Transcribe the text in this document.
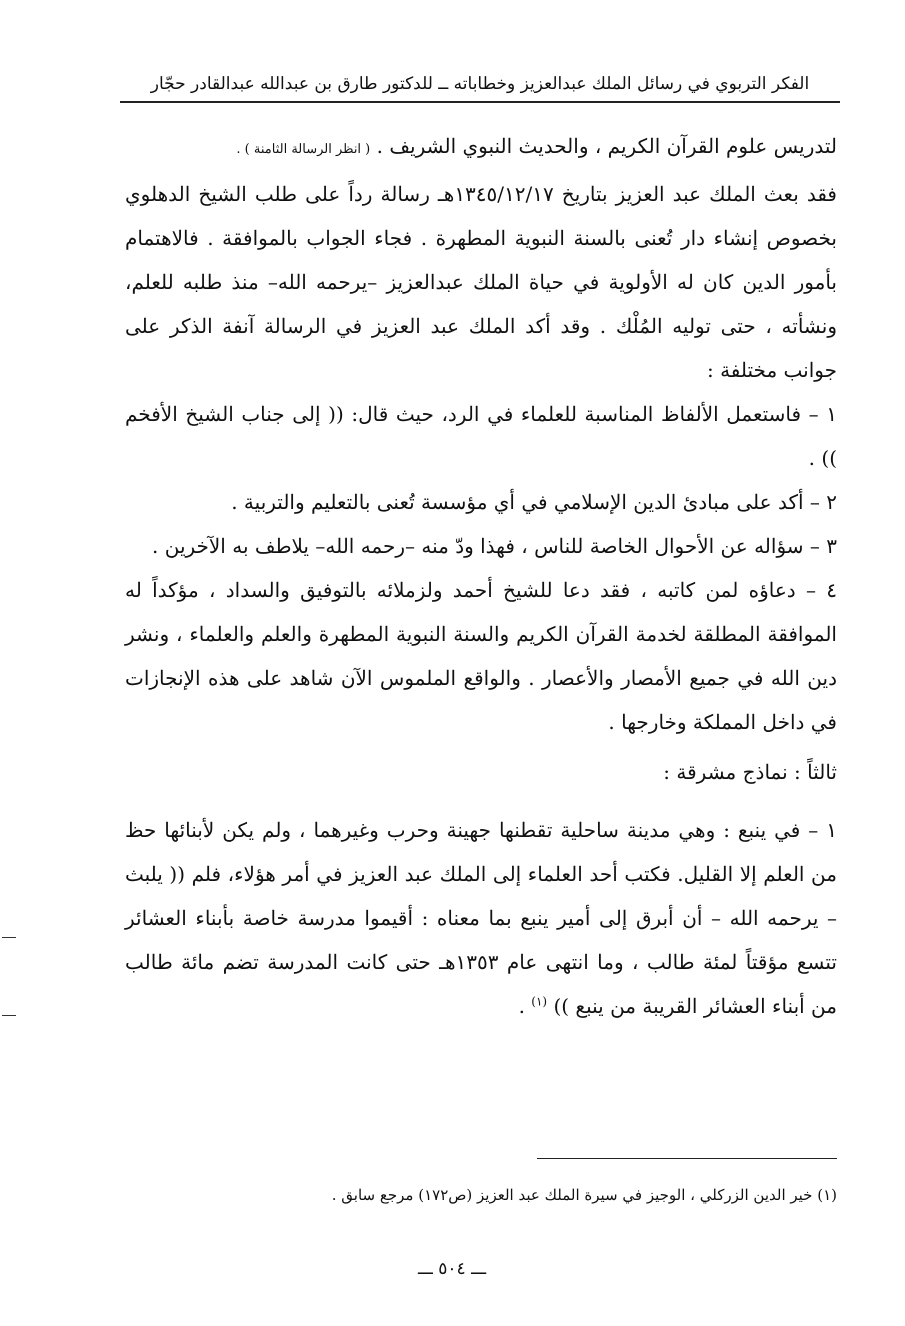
الفكر التربوي في رسائل الملك عبدالعزيز وخطاباته ــ للدكتور طارق بن عبدالله عبدالقادر حجّار

لتدريس علوم القرآن الكريم ، والحديث النبوي الشريف . ( انظر الرسالة الثامنة ) .

فقد بعث الملك عبد العزيز بتاريخ ١٣٤٥/١٢/١٧هـ رسالة رداً على طلب الشيخ الدهلوي بخصوص إنشاء دار تُعنى بالسنة النبوية المطهرة . فجاء الجواب بالموافقة . فالاهتمام بأمور الدين كان له الأولوية في حياة الملك عبدالعزيز –يرحمه الله– منذ طلبه للعلم، ونشأته ، حتى توليه المُلْك . وقد أكد الملك عبد العزيز في الرسالة آنفة الذكر على جوانب مختلفة :

١ – فاستعمل الألفاظ المناسبة للعلماء في الرد، حيث قال: (( إلى جناب الشيخ الأفخم )) .

٢ – أكد على مبادئ الدين الإسلامي في أي مؤسسة تُعنى بالتعليم والتربية .

٣ – سؤاله عن الأحوال الخاصة للناس ، فهذا ودّ منه –رحمه الله– يلاطف به الآخرين .

٤ – دعاؤه لمن كاتبه ، فقد دعا للشيخ أحمد ولزملائه بالتوفيق والسداد ، مؤكداً له الموافقة المطلقة لخدمة القرآن الكريم والسنة النبوية المطهرة والعلم والعلماء ، ونشر دين الله في جميع الأمصار والأعصار . والواقع الملموس الآن شاهد على هذه الإنجازات في داخل المملكة وخارجها .

ثالثاً : نماذج مشرقة :

١ – في ينبع : وهي مدينة ساحلية تقطنها جهينة وحرب وغيرهما ، ولم يكن لأبنائها حظ من العلم إلا القليل. فكتب أحد العلماء إلى الملك عبد العزيز في أمر هؤلاء، فلم (( يلبث – يرحمه الله – أن أبرق إلى أمير ينبع بما معناه : أقيموا مدرسة خاصة بأبناء العشائر تتسع مؤقتاً لمئة طالب ، وما انتهى عام ١٣٥٣هـ حتى كانت المدرسة تضم مائة طالب من أبناء العشائر القريبة من ينبع )) $^{(١)}$ .

(١) خير الدين الزركلي ، الوجيز في سيرة الملك عبد العزيز (ص١٧٢) مرجع سابق .
ـــ ٥٠٤ ـــ
